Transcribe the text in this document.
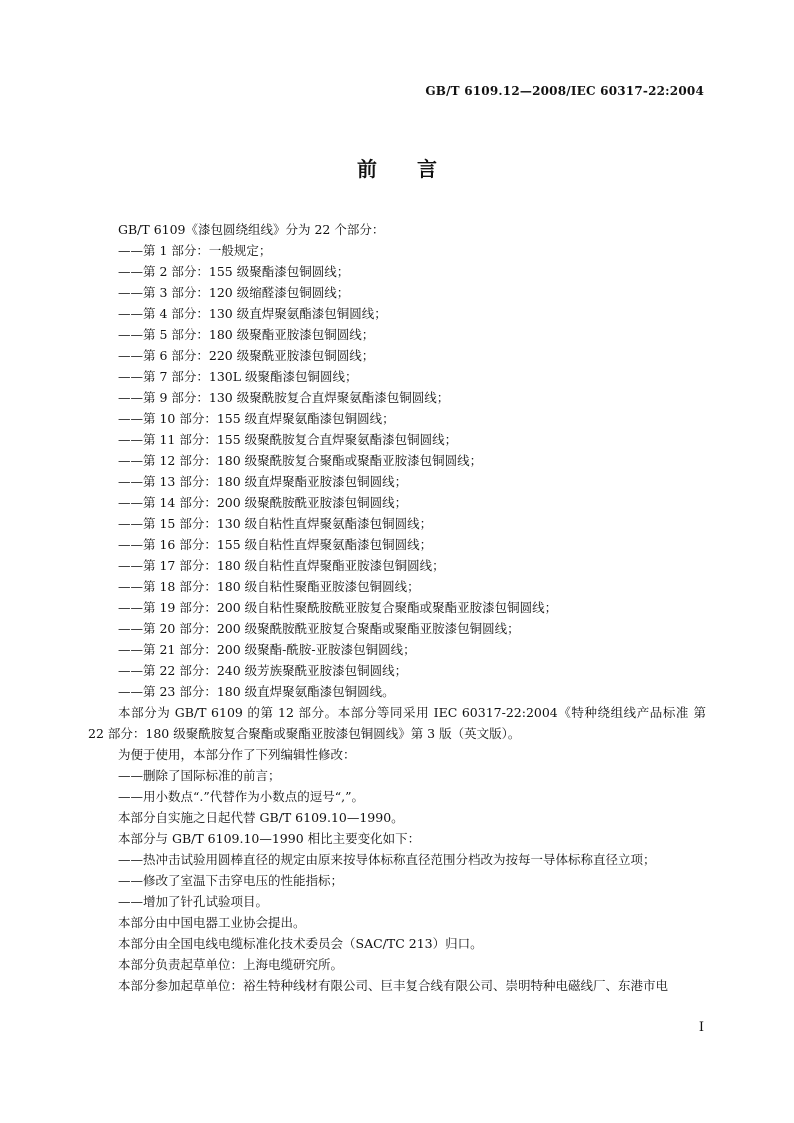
GB/T 6109.12—2008/IEC 60317-22:2004
前言
GB/T 6109《漆包圆绕组线》分为 22 个部分：
——第 1 部分：一般规定；
——第 2 部分：155 级聚酯漆包铜圆线；
——第 3 部分：120 级缩醛漆包铜圆线；
——第 4 部分：130 级直焊聚氨酯漆包铜圆线；
——第 5 部分：180 级聚酯亚胺漆包铜圆线；
——第 6 部分：220 级聚酰亚胺漆包铜圆线；
——第 7 部分：130L 级聚酯漆包铜圆线；
——第 9 部分：130 级聚酰胺复合直焊聚氨酯漆包铜圆线；
——第 10 部分：155 级直焊聚氨酯漆包铜圆线；
——第 11 部分：155 级聚酰胺复合直焊聚氨酯漆包铜圆线；
——第 12 部分：180 级聚酰胺复合聚酯或聚酯亚胺漆包铜圆线；
——第 13 部分：180 级直焊聚酯亚胺漆包铜圆线；
——第 14 部分：200 级聚酰胺酰亚胺漆包铜圆线；
——第 15 部分：130 级自粘性直焊聚氨酯漆包铜圆线；
——第 16 部分：155 级自粘性直焊聚氨酯漆包铜圆线；
——第 17 部分：180 级自粘性直焊聚酯亚胺漆包铜圆线；
——第 18 部分：180 级自粘性聚酯亚胺漆包铜圆线；
——第 19 部分：200 级自粘性聚酰胺酰亚胺复合聚酯或聚酯亚胺漆包铜圆线；
——第 20 部分：200 级聚酰胺酰亚胺复合聚酯或聚酯亚胺漆包铜圆线；
——第 21 部分：200 级聚酯-酰胺-亚胺漆包铜圆线；
——第 22 部分：240 级芳族聚酰亚胺漆包铜圆线；
——第 23 部分：180 级直焊聚氨酯漆包铜圆线。
本部分为 GB/T 6109 的第 12 部分。本部分等同采用 IEC 60317-22:2004《特种绕组线产品标准 第 22 部分：180 级聚酰胺复合聚酯或聚酯亚胺漆包铜圆线》第 3 版（英文版）。
为便于使用，本部分作了下列编辑性修改：
——删除了国际标准的前言；
——用小数点“.”代替作为小数点的逗号“,”。
本部分自实施之日起代替 GB/T 6109.10—1990。
本部分与 GB/T 6109.10—1990 相比主要变化如下：
——热冲击试验用圆棒直径的规定由原来按导体标称直径范围分档改为按每一导体标称直径立项；
——修改了室温下击穿电压的性能指标；
——增加了针孔试验项目。
本部分由中国电器工业协会提出。
本部分由全国电线电缆标准化技术委员会（SAC/TC 213）归口。
本部分负责起草单位：上海电缆研究所。
本部分参加起草单位：裕生特种线材有限公司、巨丰复合线有限公司、崇明特种电磁线厂、东港市电
I
